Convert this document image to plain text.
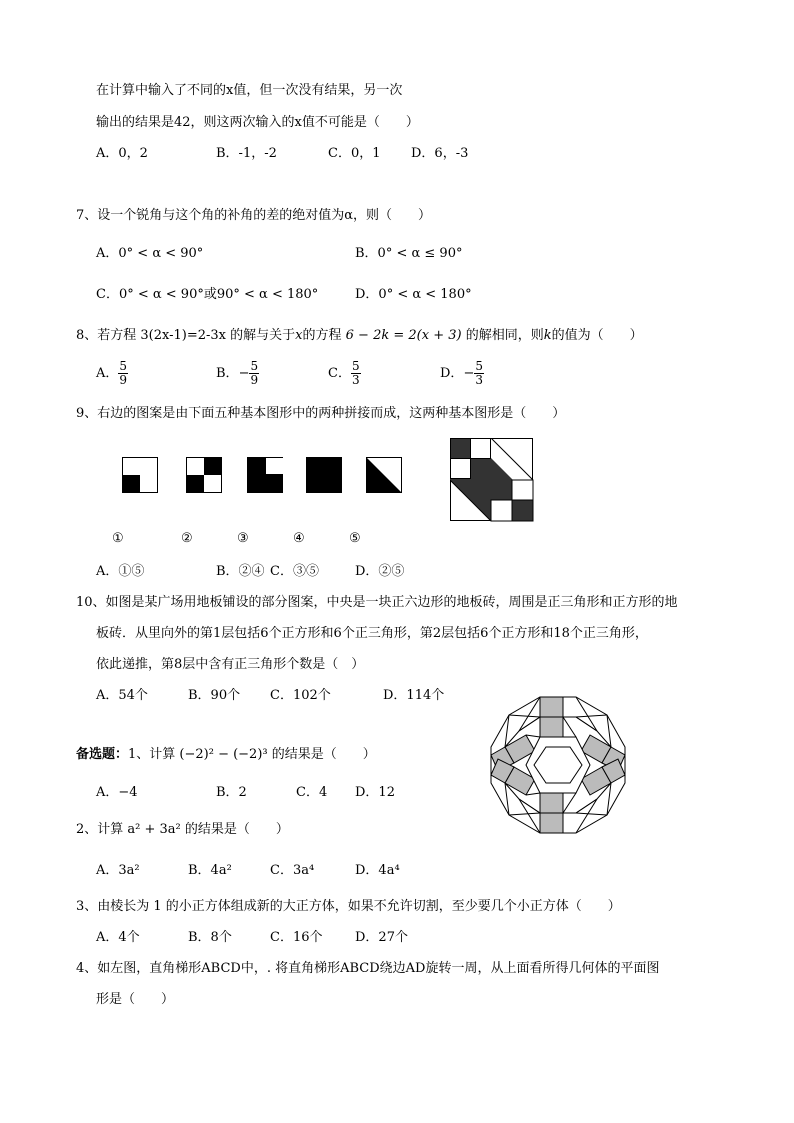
在计算中输入了不同的x值，但一次没有结果，另一次
输出的结果是42，则这两次输入的x值不可能是（　　）
A．0，2	B．-1，-2	C．0，1 D．6，-3
7、设一个锐角与这个角的补角的差的绝对值为α，则（　　）
A．0° < α < 90°	B．0° < α ≤ 90°
C．0° < α < 90°或90° < α < 180°	D．0° < α < 180°
8、若方程 3(2x-1)=2-3x 的解与关于x的方程 6 − 2k = 2(x + 3) 的解相同，则k的值为（　　）
A． $\frac{5}{9}$	B．− $\frac{5}{9}$	C． $\frac{5}{3}$	D．− $\frac{5}{3}$
9、右边的图案是由下面五种基本图形中的两种拼接而成，这两种基本图形是（　　）
①	②	③	④	⑤
A．①⑤	B．②④ C．③⑤	D．②⑤
10、如图是某广场用地板铺设的部分图案，中央是一块正六边形的地板砖，周围是正三角形和正方形的地
板砖．从里向外的第1层包括6个正方形和6个正三角形，第2层包括6个正方形和18个正三角形，
依此递推，第8层中含有正三角形个数是（　）
A．54个	B．90个 C．102个	D．114个
备选题：1、计算 (−2)² − (−2)³ 的结果是（　　）
A．−4	B．2	C．4 D．12
2、计算 a² + 3a² 的结果是（　　）
A．3a²	B．4a²	C．3a⁴	D．4a⁴
3、由棱长为 1 的小正方体组成新的大正方体，如果不允许切割，至少要几个小正方体（　　）
A．4个	B．8个	C．16个	D．27个
4、如左图，直角梯形ABCD中，. 将直角梯形ABCD绕边AD旋转一周，从上面看所得几何体的平面图
形是（　　）
